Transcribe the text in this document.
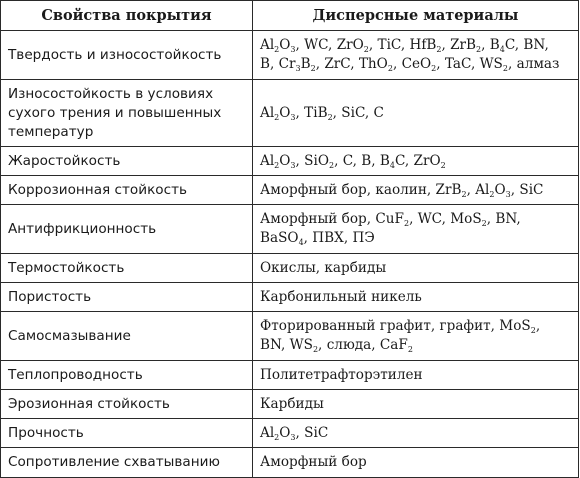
Свойства покрытия	Дисперсные материалы
Твердость и износостойкость	$Al_2O_3$, WC, ZrO$_2$, TiC, HfB$_2$, ZrB$_2$, $B_4C$, BN,
B, $Cr_3B_2$, ZrC, ThO$_2$, CeO$_2$, TaC, $WS_2$, алмаз
Износостойкость в условиях
сухого трения и повышенных
температур	$Al_2O_3$, TiB$_2$, SiC, C
Жаростойкость	$Al_2O_3$, SiO$_2$, C, B, $B_4C$, ZrO$_2$
Коррозионная стойкость	Аморфный бор, каолин, ZrB$_2$, $Al_2O_3$, SiC
Антифрикционность	Аморфный бор, CuF$_2$, WC, MoS$_2$, BN,
BaSO$_4$, ПВХ, ПЭ
Термостойкость	Окислы, карбиды
Пористость	Карбонильный никель
Самосмазывание	Фторированный графит, графит, MoS$_2$,
BN, $WS_2$, слюда, CaF$_2$
Теплопроводность	Политетрафторэтилен
Эрозионная стойкость	Карбиды
Прочность	$Al_2O_3$, SiC
Сопротивление схватыванию	Аморфный бор
